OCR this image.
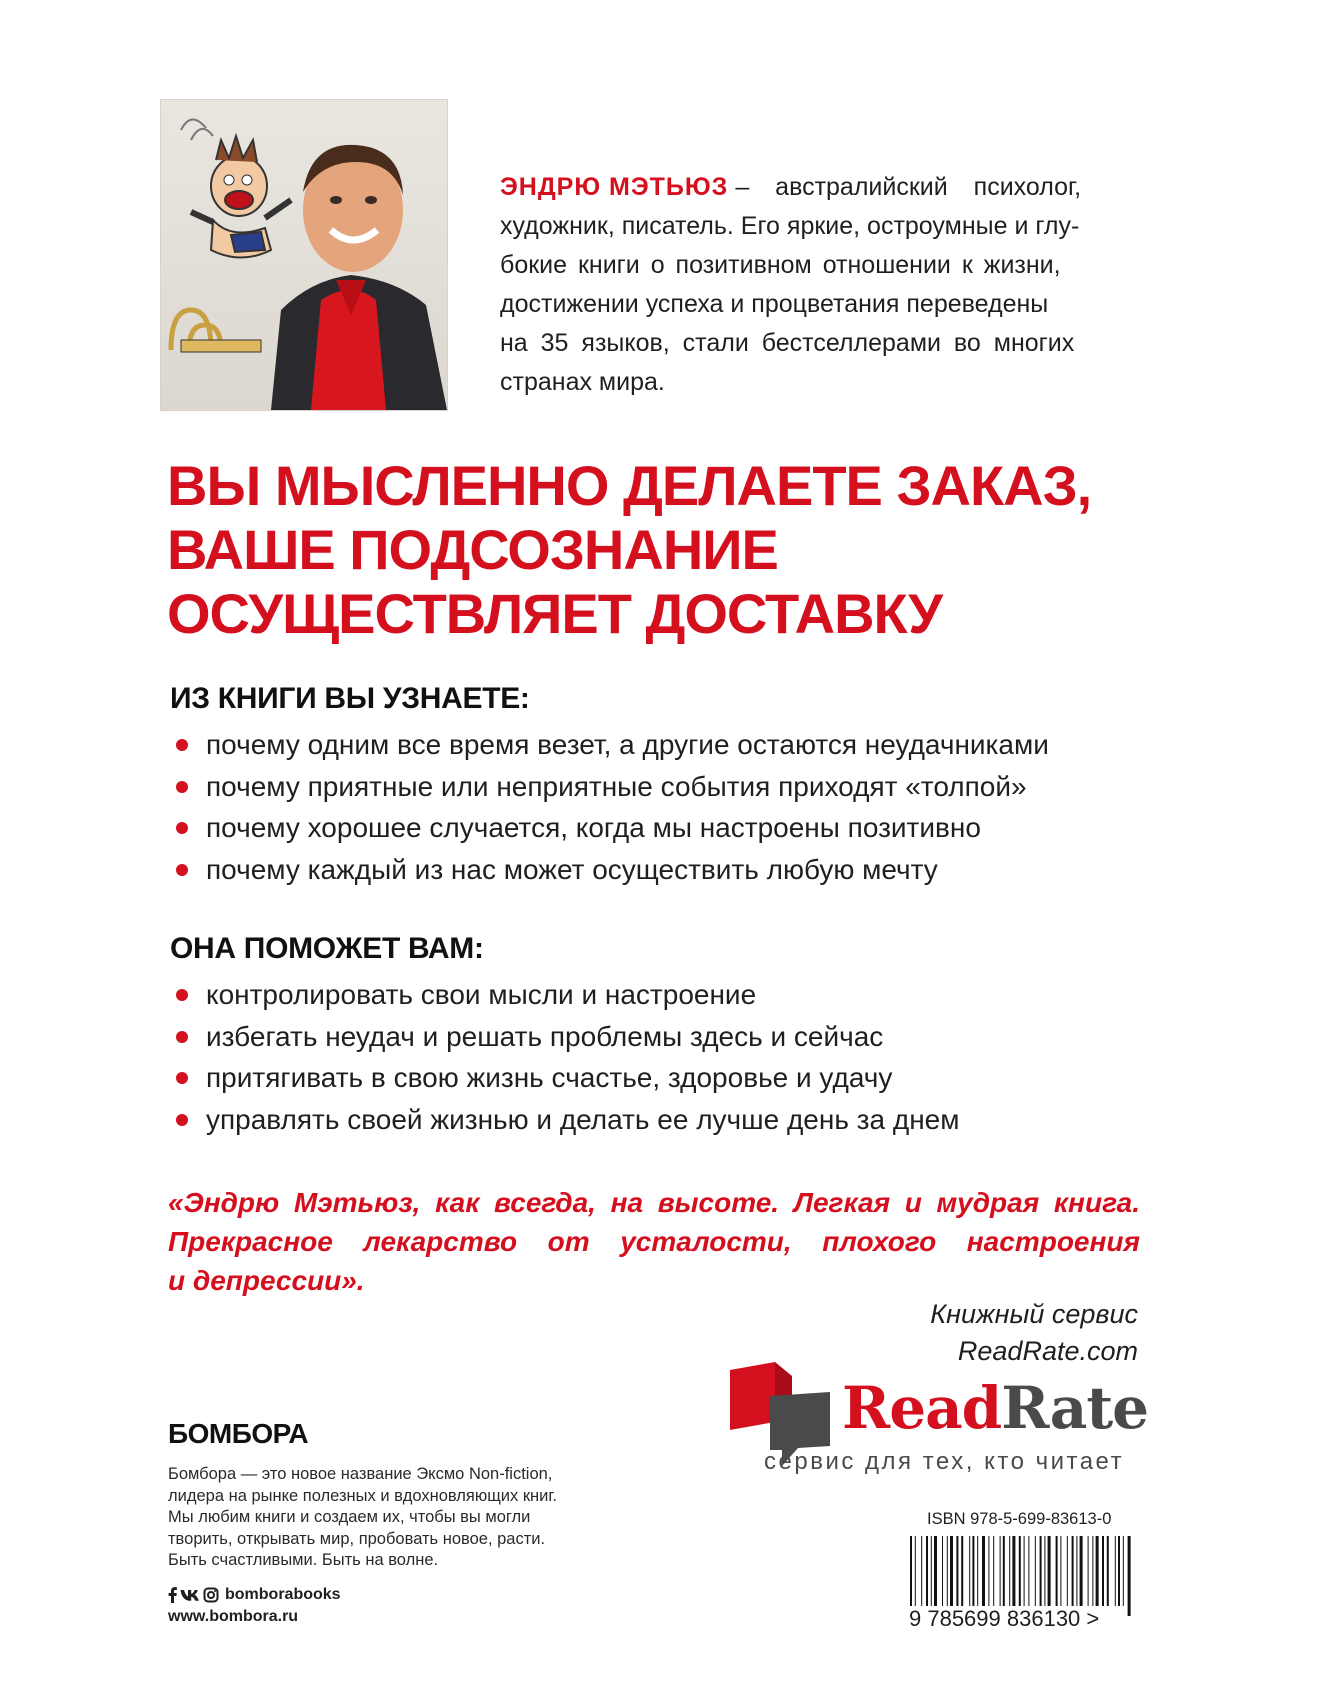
ЭНДРЮ МЭТЬЮЗ – австралийский психолог,
художник, писатель. Его яркие, остроумные и глу-
бокие книги о позитивном отношении к жизни,
достижении успеха и процветания переведены
на 35 языков, стали бестселлерами во многих
странах мира.
ВЫ МЫСЛЕННО ДЕЛАЕТЕ ЗАКАЗ,
ВАШЕ ПОДСОЗНАНИЕ
ОСУЩЕСТВЛЯЕТ ДОСТАВКУ
ИЗ КНИГИ ВЫ УЗНАЕТЕ:
почему одним все время везет, а другие остаются неудачниками
почему приятные или неприятные события приходят «толпой»
почему хорошее случается, когда мы настроены позитивно
почему каждый из нас может осуществить любую мечту
ОНА ПОМОЖЕТ ВАМ:
контролировать свои мысли и настроение
избегать неудач и решать проблемы здесь и сейчас
притягивать в свою жизнь счастье, здоровье и удачу
управлять своей жизнью и делать ее лучше день за днем
«Эндрю Мэтьюз, как всегда, на высоте. Легкая и мудрая книга.
Прекрасное лекарство от усталости, плохого настроения
и депрессии».
Книжный сервис
ReadRate.com
ReadRate
сервис для тех, кто читает
БОМБОРА
Бомбора — это новое название Эксмо Non-fiction,
лидера на рынке полезных и вдохновляющих книг.
Мы любим книги и создаем их, чтобы вы могли
творить, открывать мир, пробовать новое, расти.
Быть счастливыми. Быть на волне.
bomborabooks
www.bombora.ru
ISBN 978-5-699-83613-0
9 785699 836130 >
